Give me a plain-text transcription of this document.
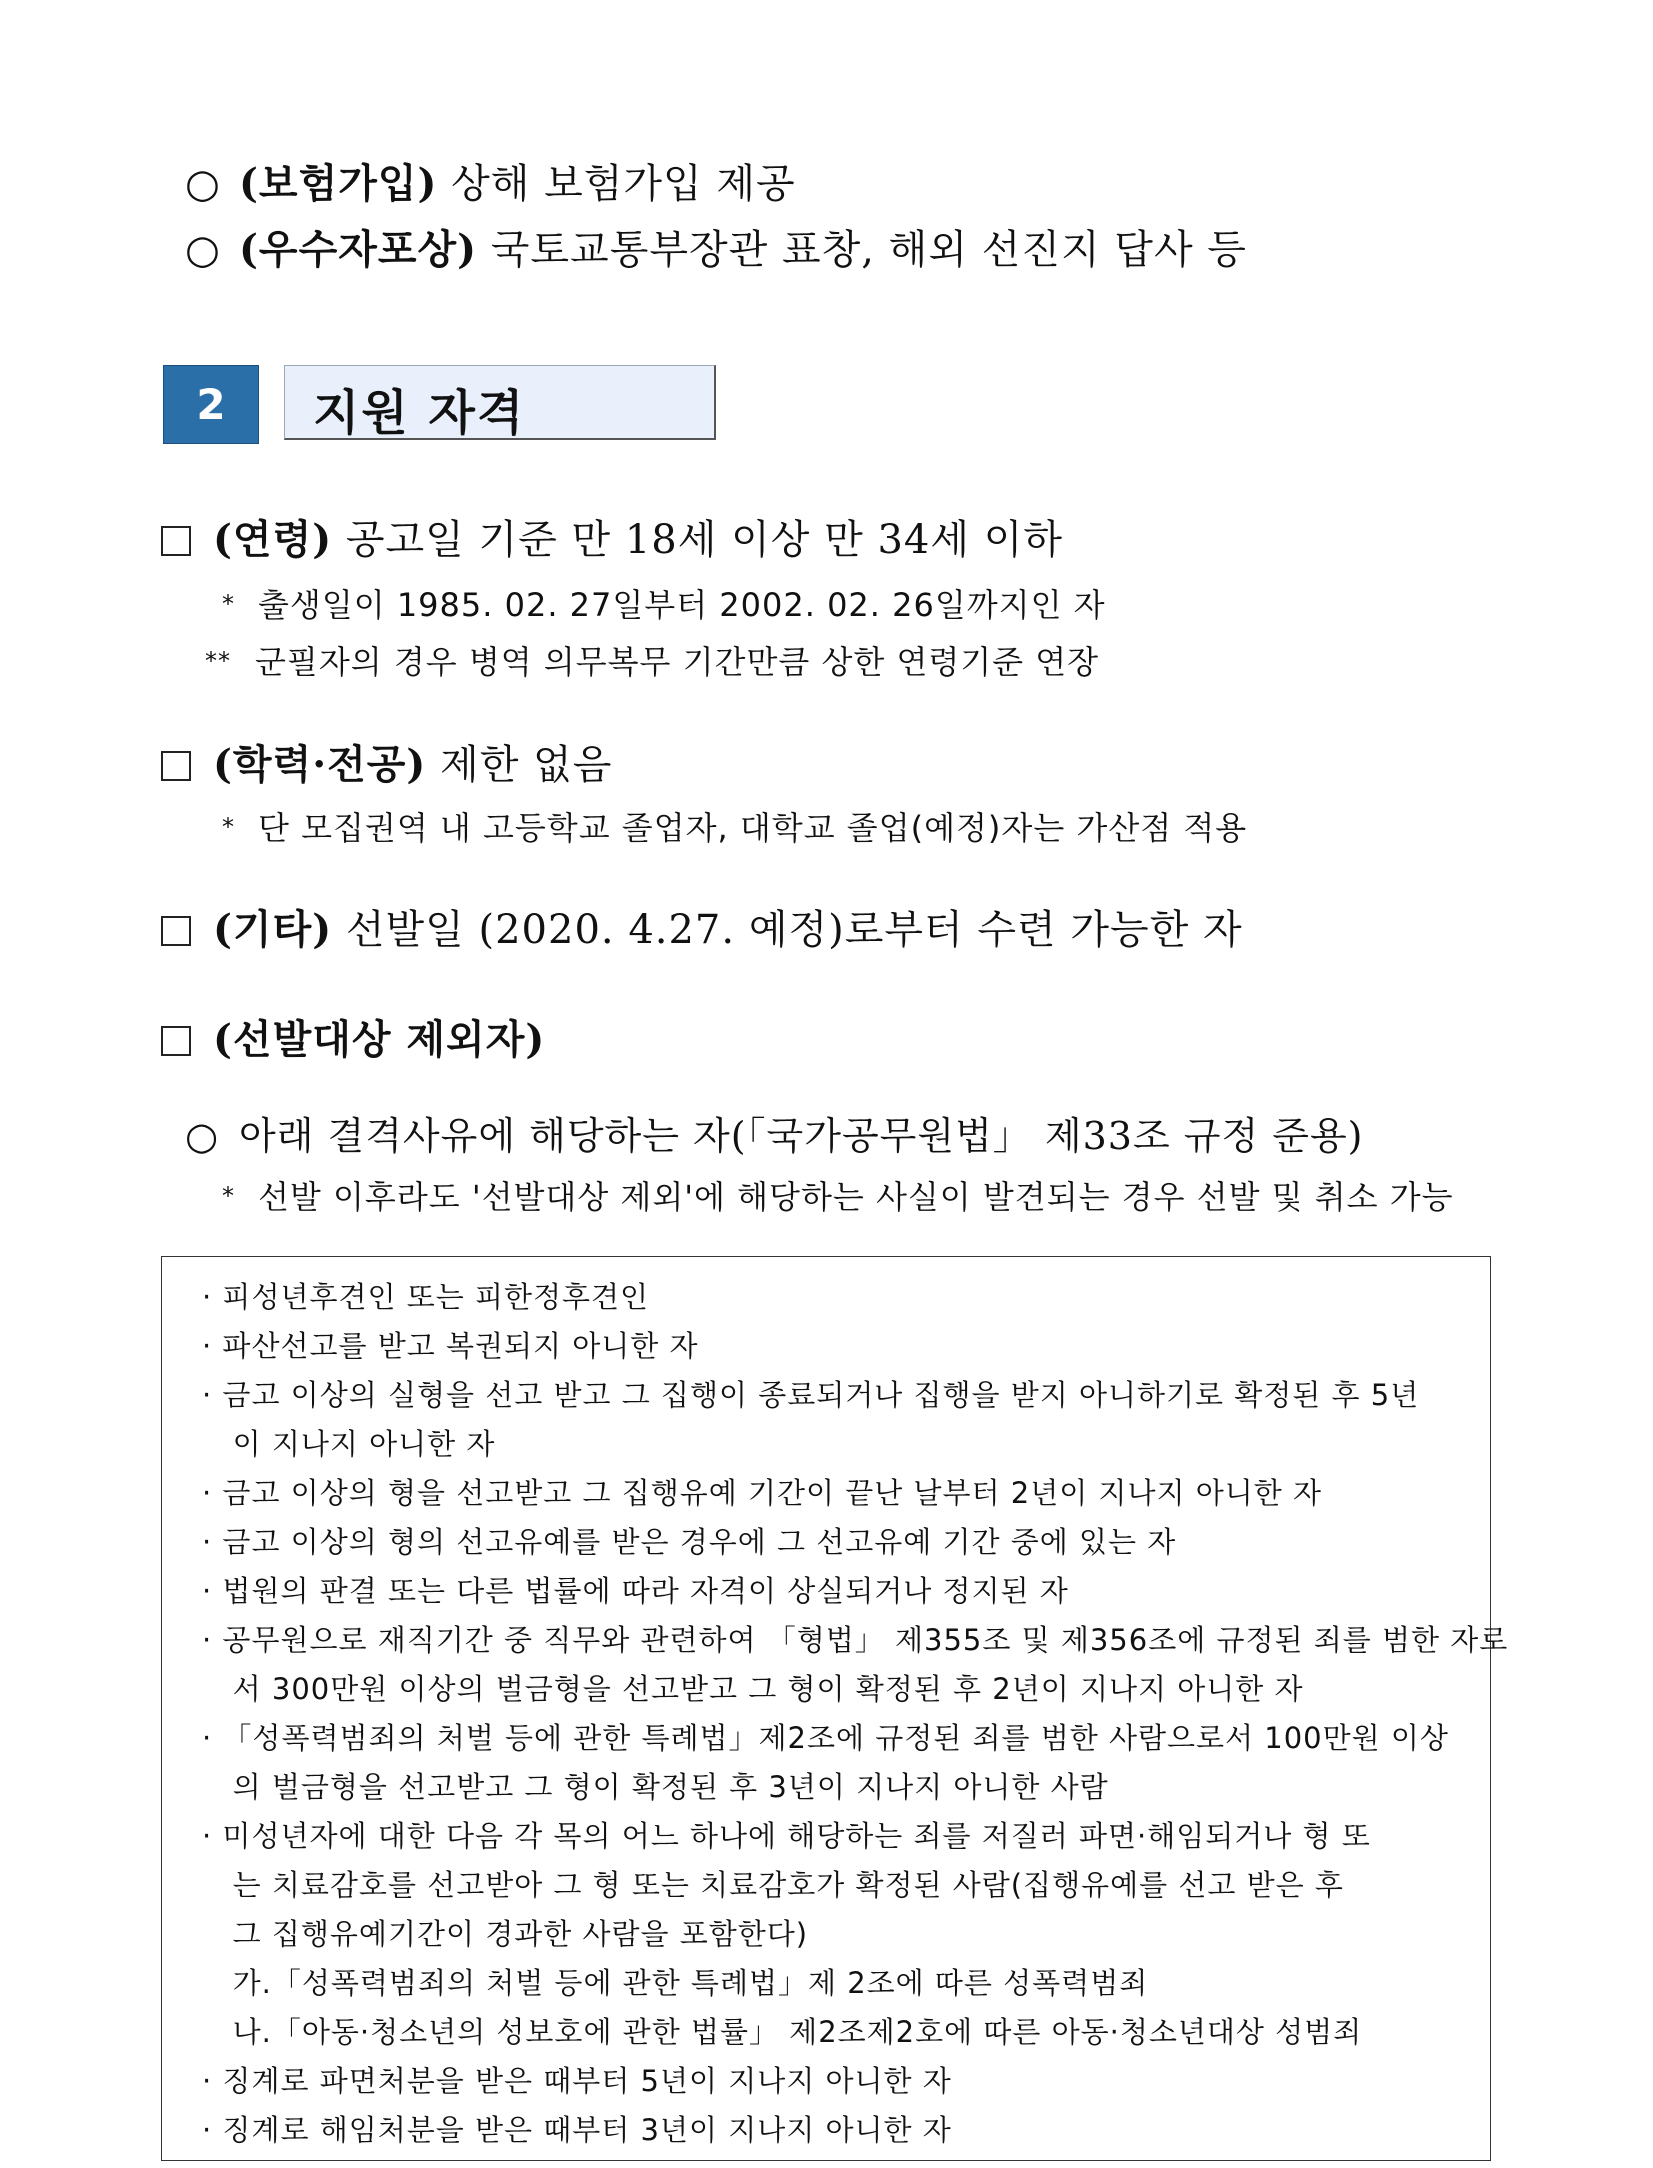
○ (보험가입) 상해 보험가입 제공
○ (우수자포상) 국토교통부장관 표창, 해외 선진지 답사 등
2	지원 자격
(연령) 공고일 기준 만 18세 이상 만 34세 이하
* 출생일이 1985. 02. 27일부터 2002. 02. 26일까지인 자
** 군필자의 경우 병역 의무복무 기간만큼 상한 연령기준 연장
(학력·전공) 제한 없음
* 단 모집권역 내 고등학교 졸업자, 대학교 졸업(예정)자는 가산점 적용
(기타) 선발일 (2020. 4.27. 예정)로부터 수련 가능한 자
(선발대상 제외자)
○ 아래 결격사유에 해당하는 자(「국가공무원법」 제33조 규정 준용)
* 선발 이후라도 '선발대상 제외'에 해당하는 사실이 발견되는 경우 선발 및 취소 가능
· 피성년후견인 또는 피한정후견인
· 파산선고를 받고 복권되지 아니한 자
· 금고 이상의 실형을 선고 받고 그 집행이 종료되거나 집행을 받지 아니하기로 확정된 후 5년
이 지나지 아니한 자
· 금고 이상의 형을 선고받고 그 집행유예 기간이 끝난 날부터 2년이 지나지 아니한 자
· 금고 이상의 형의 선고유예를 받은 경우에 그 선고유예 기간 중에 있는 자
· 법원의 판결 또는 다른 법률에 따라 자격이 상실되거나 정지된 자
· 공무원으로 재직기간 중 직무와 관련하여 「형법」 제355조 및 제356조에 규정된 죄를 범한 자로
서 300만원 이상의 벌금형을 선고받고 그 형이 확정된 후 2년이 지나지 아니한 자
· 「성폭력범죄의 처벌 등에 관한 특례법」제2조에 규정된 죄를 범한 사람으로서 100만원 이상
의 벌금형을 선고받고 그 형이 확정된 후 3년이 지나지 아니한 사람
· 미성년자에 대한 다음 각 목의 어느 하나에 해당하는 죄를 저질러 파면·해임되거나 형 또
는 치료감호를 선고받아 그 형 또는 치료감호가 확정된 사람(집행유예를 선고 받은 후
그 집행유예기간이 경과한 사람을 포함한다)
가.「성폭력범죄의 처벌 등에 관한 특례법」제 2조에 따른 성폭력범죄
나.「아동·청소년의 성보호에 관한 법률」 제2조제2호에 따른 아동·청소년대상 성범죄
· 징계로 파면처분을 받은 때부터 5년이 지나지 아니한 자
· 징계로 해임처분을 받은 때부터 3년이 지나지 아니한 자
